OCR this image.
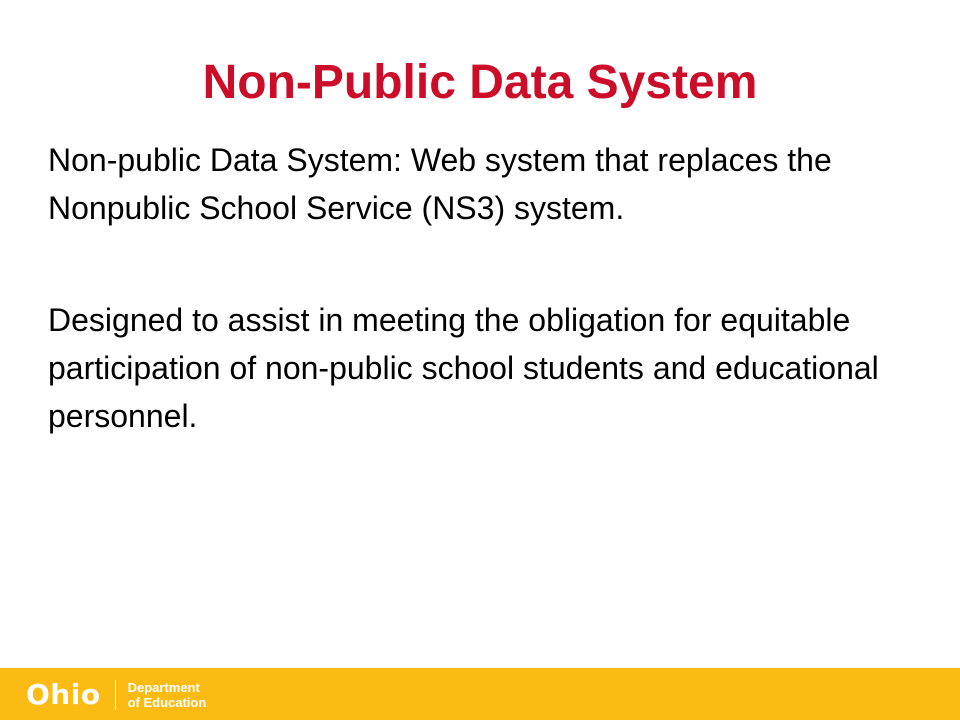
Non-Public Data System

Non-public Data System: Web system that replaces the Nonpublic School Service (NS3) system.

Designed to assist in meeting the obligation for equitable participation of non-public school students and educational personnel.

Ohio Department
of Education
